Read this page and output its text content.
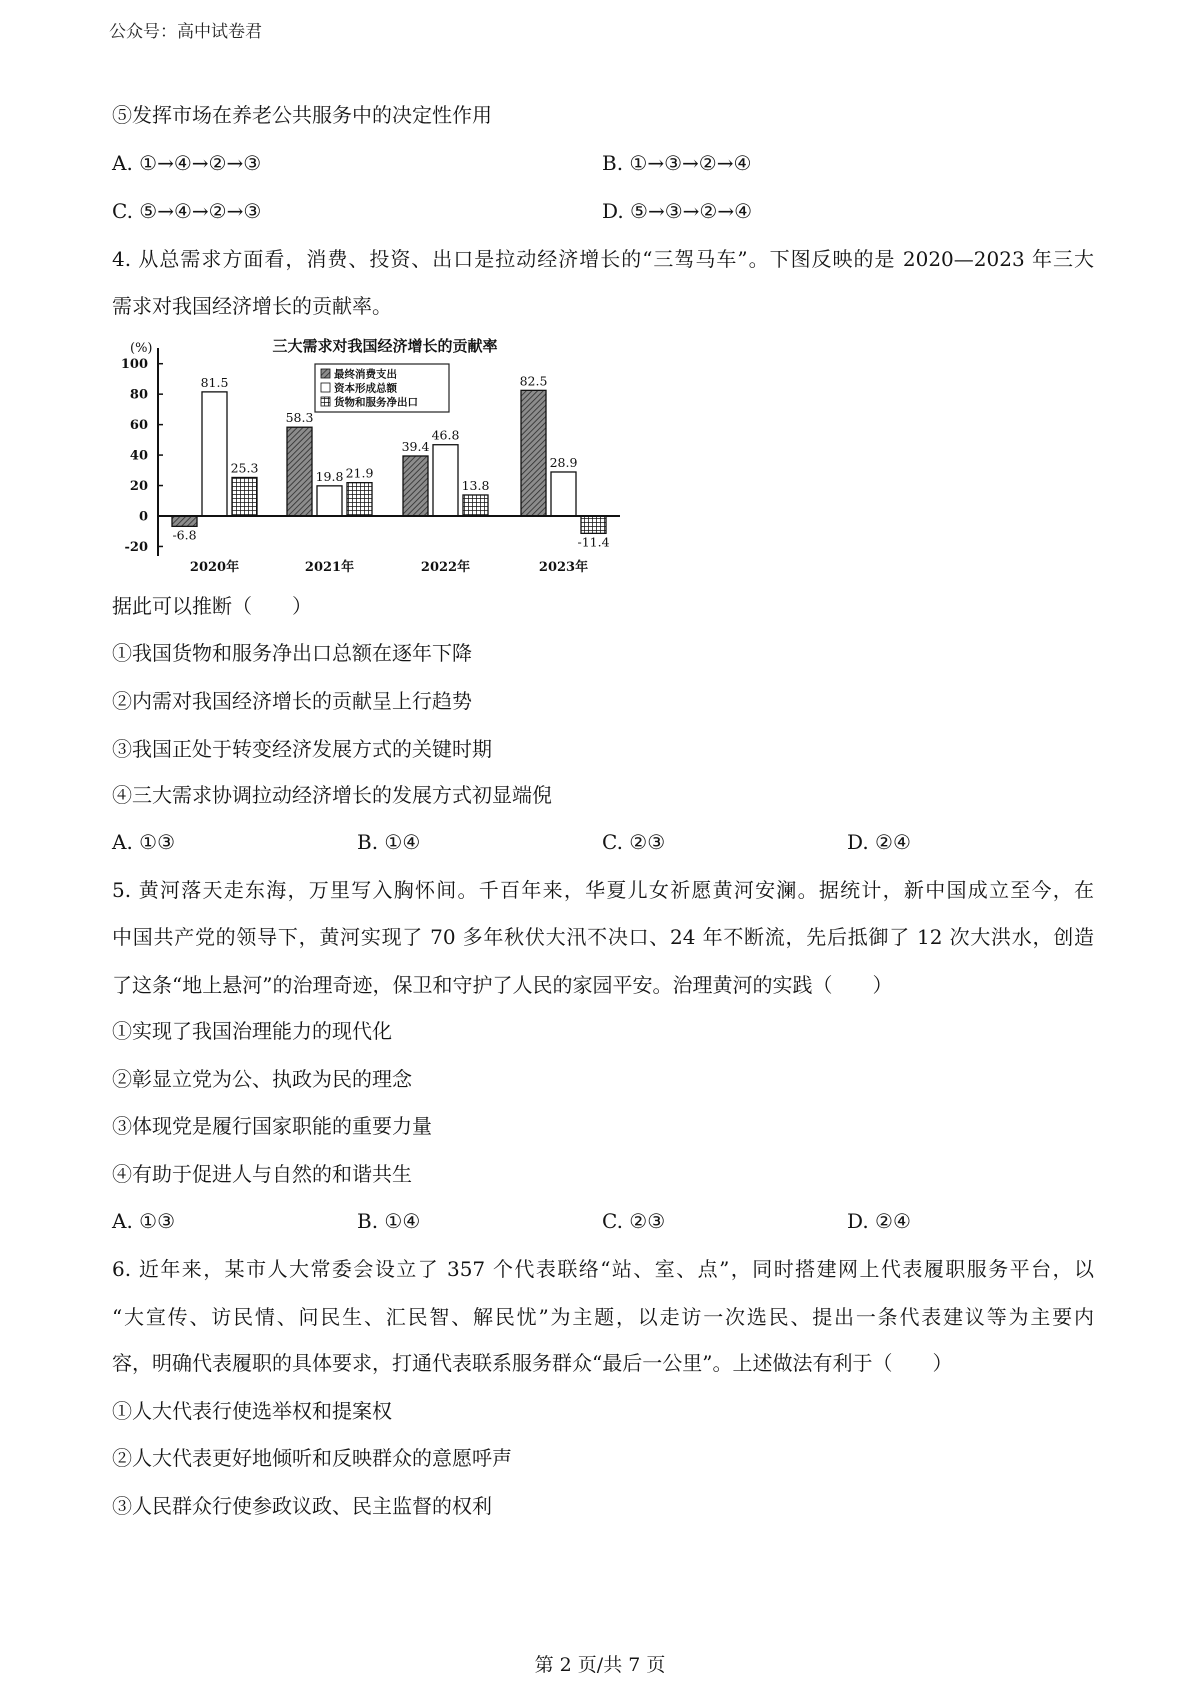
公众号：高中试卷君
⑤发挥市场在养老公共服务中的决定性作用
A. ①→④→②→③	B. ①→③→②→④
C. ⑤→④→②→③	D. ⑤→③→②→④
4. 从总需求方面看，消费、投资、出口是拉动经济增长的“三驾马车”。下图反映的是 2020—2023 年三大
需求对我国经济增长的贡献率。
(%)	三大需求对我国经济增长的贡献率
100
80
60
40
20
0
-20
-6.8
58.3
39.4
82.5
81.5
19.8
46.8
28.9
25.3	21.9
13.8
-11.4
2020年	2021年	2022年	2023年
最终消费支出
资本形成总额
货物和服务净出口
据此可以推断（　　）
①我国货物和服务净出口总额在逐年下降
②内需对我国经济增长的贡献呈上行趋势
③我国正处于转变经济发展方式的关键时期
④三大需求协调拉动经济增长的发展方式初显端倪
A. ①③	B. ①④	C. ②③	D. ②④
5. 黄河落天走东海，万里写入胸怀间。千百年来，华夏儿女祈愿黄河安澜。据统计，新中国成立至今，在
中国共产党的领导下，黄河实现了 70 多年秋伏大汛不决口、24 年不断流，先后抵御了 12 次大洪水，创造
了这条“地上悬河”的治理奇迹，保卫和守护了人民的家园平安。治理黄河的实践（　　）
①实现了我国治理能力的现代化
②彰显立党为公、执政为民的理念
③体现党是履行国家职能的重要力量
④有助于促进人与自然的和谐共生
A. ①③	B. ①④	C. ②③	D. ②④
6. 近年来，某市人大常委会设立了 357 个代表联络“站、室、点”，同时搭建网上代表履职服务平台，以
“大宣传、访民情、问民生、汇民智、解民忧”为主题，以走访一次选民、提出一条代表建议等为主要内
容，明确代表履职的具体要求，打通代表联系服务群众“最后一公里”。上述做法有利于（　　）
①人大代表行使选举权和提案权
②人大代表更好地倾听和反映群众的意愿呼声
③人民群众行使参政议政、民主监督的权利
第 2 页/共 7 页
